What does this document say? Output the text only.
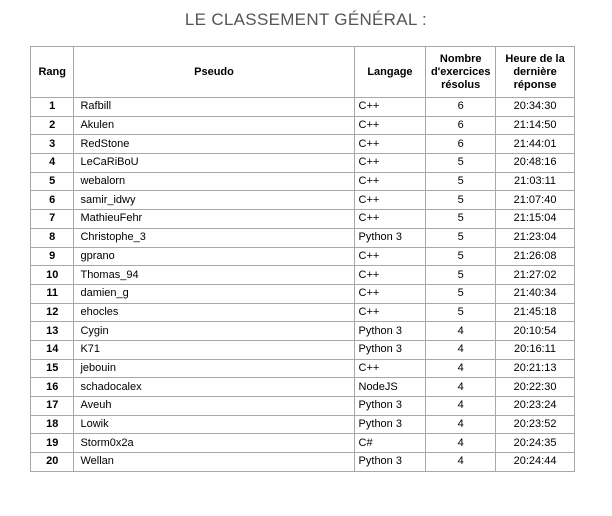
LE CLASSEMENT GÉNÉRAL :
Rang	Pseudo	Langage	Nombre d'exercices résolus	Heure de la dernière réponse
1	Rafbill	C++	6	20:34:30
2	Akulen	C++	6	21:14:50
3	RedStone	C++	6	21:44:01
4	LeCaRiBoU	C++	5	20:48:16
5	webalorn	C++	5	21:03:11
6	samir_idwy	C++	5	21:07:40
7	MathieuFehr	C++	5	21:15:04
8	Christophe_3	Python 3	5	21:23:04
9	gprano	C++	5	21:26:08
10	Thomas_94	C++	5	21:27:02
11	damien_g	C++	5	21:40:34
12	ehocles	C++	5	21:45:18
13	Cygin	Python 3	4	20:10:54
14	K71	Python 3	4	20:16:11
15	jebouin	C++	4	20:21:13
16	schadocalex	NodeJS	4	20:22:30
17	Aveuh	Python 3	4	20:23:24
18	Lowik	Python 3	4	20:23:52
19	Storm0x2a	C#	4	20:24:35
20	Wellan	Python 3	4	20:24:44
